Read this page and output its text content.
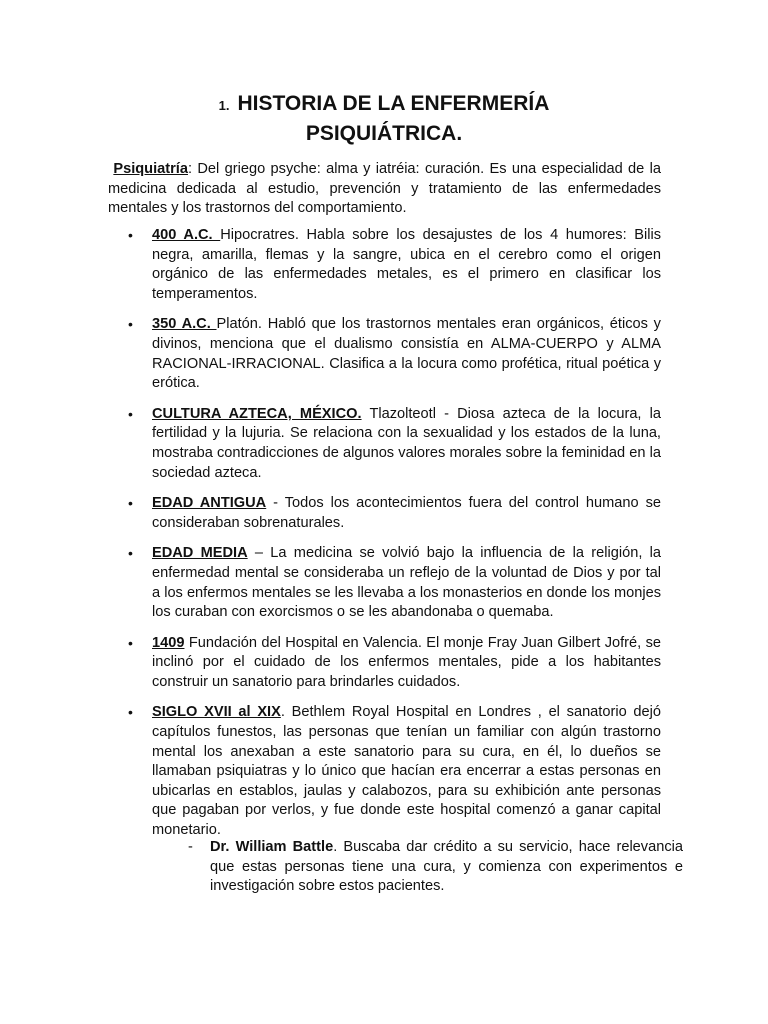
1. HISTORIA DE LA ENFERMERÍA
PSIQUIÁTRICA.
Psiquiatría: Del griego psyche: alma y iatréia: curación. Es una especialidad de la medicina dedicada al estudio, prevención y tratamiento de las enfermedades mentales y los trastornos del comportamiento.
• 400 A.C. Hipocratres. Habla sobre los desajustes de los 4 humores: Bilis negra, amarilla, flemas y la sangre, ubica en el cerebro como el origen orgánico de las enfermedades metales, es el primero en clasificar los temperamentos.
• 350 A.C. Platón. Habló que los trastornos mentales eran orgánicos, éticos y divinos, menciona que el dualismo consistía en ALMA-CUERPO y ALMA RACIONAL-IRRACIONAL. Clasifica a la locura como profética, ritual poética y erótica.
• CULTURA AZTECA, MÉXICO. Tlazolteotl - Diosa azteca de la locura, la fertilidad y la lujuria. Se relaciona con la sexualidad y los estados de la luna, mostraba contradicciones de algunos valores morales sobre la feminidad en la sociedad azteca.
• EDAD ANTIGUA - Todos los acontecimientos fuera del control humano se consideraban sobrenaturales.
• EDAD MEDIA – La medicina se volvió bajo la influencia de la religión, la enfermedad mental se consideraba un reflejo de la voluntad de Dios y por tal a los enfermos mentales se les llevaba a los monasterios en donde los monjes los curaban con exorcismos o se les abandonaba o quemaba.
• 1409 Fundación del Hospital en Valencia. El monje Fray Juan Gilbert Jofré, se inclinó por el cuidado de los enfermos mentales, pide a los habitantes construir un sanatorio para brindarles cuidados.
• SIGLO XVII al XIX. Bethlem Royal Hospital en Londres , el sanatorio dejó capítulos funestos, las personas que tenían un familiar con algún trastorno mental los anexaban a este sanatorio para su cura, en él, lo dueños se llamaban psiquiatras y lo único que hacían era encerrar a estas personas en ubicarlas en establos, jaulas y calabozos, para su exhibición ante personas que pagaban por verlos, y fue donde este hospital comenzó a ganar capital monetario.
- Dr. William Battle. Buscaba dar crédito a su servicio, hace relevancia que estas personas tiene una cura, y comienza con experimentos e investigación sobre estos pacientes.
